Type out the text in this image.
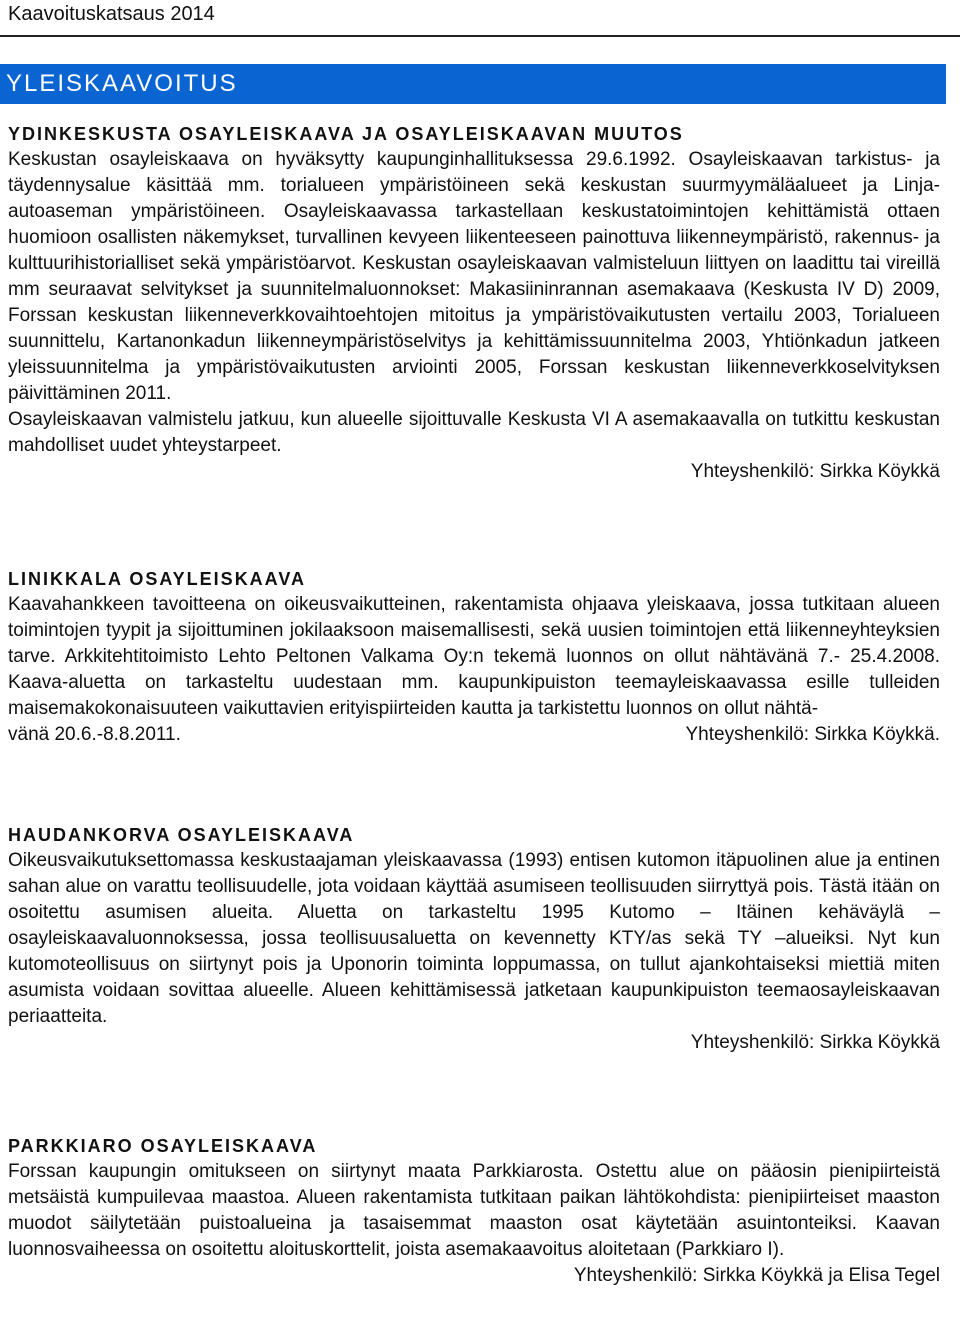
Kaavoituskatsaus 2014
YLEISKAAVOITUS
YDINKESKUSTA OSAYLEISKAAVA JA OSAYLEISKAAVAN MUUTOS

Keskustan osayleiskaava on hyväksytty kaupunginhallituksessa 29.6.1992. Osayleiskaavan tarkistus- ja täydennysalue käsittää mm. torialueen ympäristöineen sekä keskustan suurmyymäläalueet ja Linja-autoaseman ympäristöineen. Osayleiskaavassa tarkastellaan keskustatoimintojen kehittämistä ottaen huomioon osallisten näkemykset, turvallinen kevyeen liikenteeseen painottuva liikenneympäristö, rakennus- ja kulttuurihistorialliset sekä ympäristöarvot. Keskustan osayleiskaavan valmisteluun liittyen on laadittu tai vireillä mm seuraavat selvitykset ja suunnitelmaluonnokset: Makasiininrannan asemakaava (Keskusta IV D) 2009, Forssan keskustan liikenneverkkovaihtoehtojen mitoitus ja ympäristövaikutusten vertailu 2003, Torialueen suunnittelu, Kartanonkadun liikenneympäristöselvitys ja kehittämissuunnitelma 2003, Yhtiönkadun jatkeen yleissuunnitelma ja ympäristövaikutusten arviointi 2005, Forssan keskustan liikenneverkkoselvityksen päivittäminen 2011.

Osayleiskaavan valmistelu jatkuu, kun alueelle sijoittuvalle Keskusta VI A asemakaavalla on tutkittu keskustan mahdolliset uudet yhteystarpeet.

Yhteyshenkilö: Sirkka Köykkä

LINIKKALA OSAYLEISKAAVA

Kaavahankkeen tavoitteena on oikeusvaikutteinen, rakentamista ohjaava yleiskaava, jossa tutkitaan alueen toimintojen tyypit ja sijoittuminen jokilaaksoon maisemallisesti, sekä uusien toimintojen että liikenneyhteyksien tarve. Arkkitehtitoimisto Lehto Peltonen Valkama Oy:n tekemä luonnos on ollut nähtävänä 7.- 25.4.2008. Kaava-aluetta on tarkasteltu uudestaan mm. kaupunkipuiston teemayleiskaavassa esille tulleiden maisemakokonaisuuteen vaikuttavien erityispiirteiden kautta ja tarkistettu luonnos on ollut nähtä-

vänä 20.6.-8.8.2011.	Yhteyshenkilö: Sirkka Köykkä.
HAUDANKORVA OSAYLEISKAAVA

Oikeusvaikutuksettomassa keskustaajaman yleiskaavassa (1993) entisen kutomon itäpuolinen alue ja entinen sahan alue on varattu teollisuudelle, jota voidaan käyttää asumiseen teollisuuden siirryttyä pois. Tästä itään on osoitettu asumisen alueita. Aluetta on tarkasteltu 1995 Kutomo – Itäinen kehäväylä –osayleiskaavaluonnoksessa, jossa teollisuusaluetta on kevennetty KTY/as sekä TY –alueiksi. Nyt kun kutomoteollisuus on siirtynyt pois ja Uponorin toiminta loppumassa, on tullut ajankohtaiseksi miettiä miten asumista voidaan sovittaa alueelle. Alueen kehittämisessä jatketaan kaupunkipuiston teemaosayleiskaavan periaatteita.

Yhteyshenkilö: Sirkka Köykkä

PARKKIARO OSAYLEISKAAVA

Forssan kaupungin omitukseen on siirtynyt maata Parkkiarosta. Ostettu alue on pääosin pienipiirteistä metsäistä kumpuilevaa maastoa. Alueen rakentamista tutkitaan paikan lähtökohdista: pienipiirteiset maaston muodot säilytetään puistoalueina ja tasaisemmat maaston osat käytetään asuintonteiksi. Kaavan luonnosvaiheessa on osoitettu aloituskorttelit, joista asemakaavoitus aloitetaan (Parkkiaro I).

Yhteyshenkilö: Sirkka Köykkä ja Elisa Tegel
